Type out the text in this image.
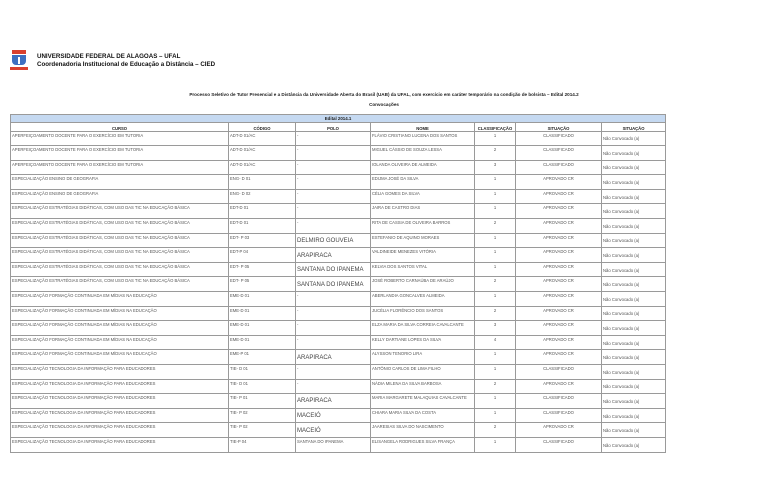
UNIVERSIDADE FEDERAL DE ALAGOAS – UFAL
Coordenadoria Institucional de Educação a Distância – CIED
Processo Seletivo de Tutor Presencial e a Distância da Universidade Aberta do Brasil (UAB) da UFAL, com exercício em caráter temporário na condição de bolsista – Edital 2014.2
Convocações
Edital 2014.1						
CURSO	CÓDIGO	POLO	NOME	CLASSIFICAÇÃO	SITUAÇÃO	SITUAÇÃO
APERFEIÇOAMENTO DOCENTE PARA O EXERCÍCIO EM TUTORIA	ADT-D 01/AC	-	FLÁVIO CRISTIANO LUCENA DOS SANTOS	1	CLASSIFICADO	Não Convocado (a)
APERFEIÇOAMENTO DOCENTE PARA O EXERCÍCIO EM TUTORIA	ADT-D 01/AC	-	MIGUEL CÁSSIO DE SOUZA LESSA	2	CLASSIFICADO	Não Convocado (a)
APERFEIÇOAMENTO DOCENTE PARA O EXERCÍCIO EM TUTORIA	ADT-D 01/AC	-	IOLANDA OLIVEIRA DE ALMEIDA	3	CLASSIFICADO	Não Convocado (a)
ESPECIALIZAÇÃO ENSINO DE GEOGRAFIA	ENG- D 01	-	EDIJMA JOSÉ DA SILVA	1	APROVADO CR	Não Convocado (a)
ESPECIALIZAÇÃO ENSINO DE GEOGRAFIA	ENG- D 02	-	CÉLIA GOMES DA SILVA	1	APROVADO CR	Não Convocado (a)
ESPECIALIZAÇÃO ESTRATÉGIAS DIDÁTICAS, COM USO DAS TIC NA EDUCAÇÃO BÁSICA	EDT-D 01	-	JAIRA DE CASTRO DIAS	1	APROVADO CR	Não Convocado (a)
ESPECIALIZAÇÃO ESTRATÉGIAS DIDÁTICAS, COM USO DAS TIC NA EDUCAÇÃO BÁSICA	EDT-D 01	-	RITA DE CASSIA DE OLIVEIRA BARROS	2	APROVADO CR	Não Convocado (a)
ESPECIALIZAÇÃO ESTRATÉGIAS DIDÁTICAS, COM USO DAS TIC NA EDUCAÇÃO BÁSICA	EDT- P 03	DELMIRO GOUVEIA	ESTEFANIO DE AQUINO MORAES	1	APROVADO CR	Não Convocado (a)
ESPECIALIZAÇÃO ESTRATÉGIAS DIDÁTICAS, COM USO DAS TIC NA EDUCAÇÃO BÁSICA	EDT-P 04	ARAPIRACA	VALDINEIDE MENEZES VITÓRIA	1	APROVADO CR	Não Convocado (a)
ESPECIALIZAÇÃO ESTRATÉGIAS DIDÁTICAS, COM USO DAS TIC NA EDUCAÇÃO BÁSICA	EDT- P 05	SANTANA DO IPANEMA	KELVIA DOS SANTOS VITAL	1	APROVADO CR	Não Convocado (a)
ESPECIALIZAÇÃO ESTRATÉGIAS DIDÁTICAS, COM USO DAS TIC NA EDUCAÇÃO BÁSICA	EDT- P 05	SANTANA DO IPANEMA	JOSÉ ROBERTO CARNAÚBA DE ARAÚJO	2	APROVADO CR	Não Convocado (a)
ESPECIALIZAÇÃO FORMAÇÃO CONTINUADA EM MÍDIAS NA EDUCAÇÃO	EME-D 01	-	ABERLANDIA GONCALVES ALMEIDA	1	APROVADO CR	Não Convocado (a)
ESPECIALIZAÇÃO FORMAÇÃO CONTINUADA EM MÍDIAS NA EDUCAÇÃO	EME-D 01	-	JUCÉLIA FLORÊNCIO DOS SANTOS	2	APROVADO CR	Não Convocado (a)
ESPECIALIZAÇÃO FORMAÇÃO CONTINUADA EM MÍDIAS NA EDUCAÇÃO	EME-D 01	-	ELZA MARIA DA SILVA CORREIA CAVALCANTE	3	APROVADO CR	Não Convocado (a)
ESPECIALIZAÇÃO FORMAÇÃO CONTINUADA EM MÍDIAS NA EDUCAÇÃO	EME-D 01	-	KELLY DARTIANE LOPES DA SILVA	4	APROVADO CR	Não Convocado (a)
ESPECIALIZAÇÃO FORMAÇÃO CONTINUADA EM MÍDIAS NA EDUCAÇÃO	EME-P 01	ARAPIRACA	ALYSSON TENORIO LIRA	1	APROVADO CR	Não Convocado (a)
ESPECIALIZAÇÃO TECNOLOGIA DA INFORMAÇÃO PARA EDUCADORES	TIE- D 01	-	ANTÔNIO CARLOS DE LIMA FILHO	1	CLASSIFICADO	Não Convocado (a)
ESPECIALIZAÇÃO TECNOLOGIA DA INFORMAÇÃO PARA EDUCADORES	TIE- D 01	-	NÁDIA MILENA DA SILVA BARBOSA	2	APROVADO CR	Não Convocado (a)
ESPECIALIZAÇÃO TECNOLOGIA DA INFORMAÇÃO PARA EDUCADORES	TIE- P 01	ARAPIRACA	MARIA MARGARETE MALAQUIAS CAVALCANTE	1	CLASSIFICADO	Não Convocado (a)
ESPECIALIZAÇÃO TECNOLOGIA DA INFORMAÇÃO PARA EDUCADORES	TIE- P 02	MACEIÓ	CHIARA MARIA SILVA DA COSTA	1	CLASSIFICADO	Não Convocado (a)
ESPECIALIZAÇÃO TECNOLOGIA DA INFORMAÇÃO PARA EDUCADORES	TIE- P 02	MACEIÓ	JAARESIAS SILVA DO NASCIMENTO	2	APROVADO CR	Não Convocado (a)
ESPECIALIZAÇÃO TECNOLOGIA DA INFORMAÇÃO PARA EDUCADORES	TIE-P 04	SANTANA DO IPANEMA	ELISANGELA RODRIGUES SILVA FRANÇA	1	CLASSIFICADO	Não Convocado (a)
